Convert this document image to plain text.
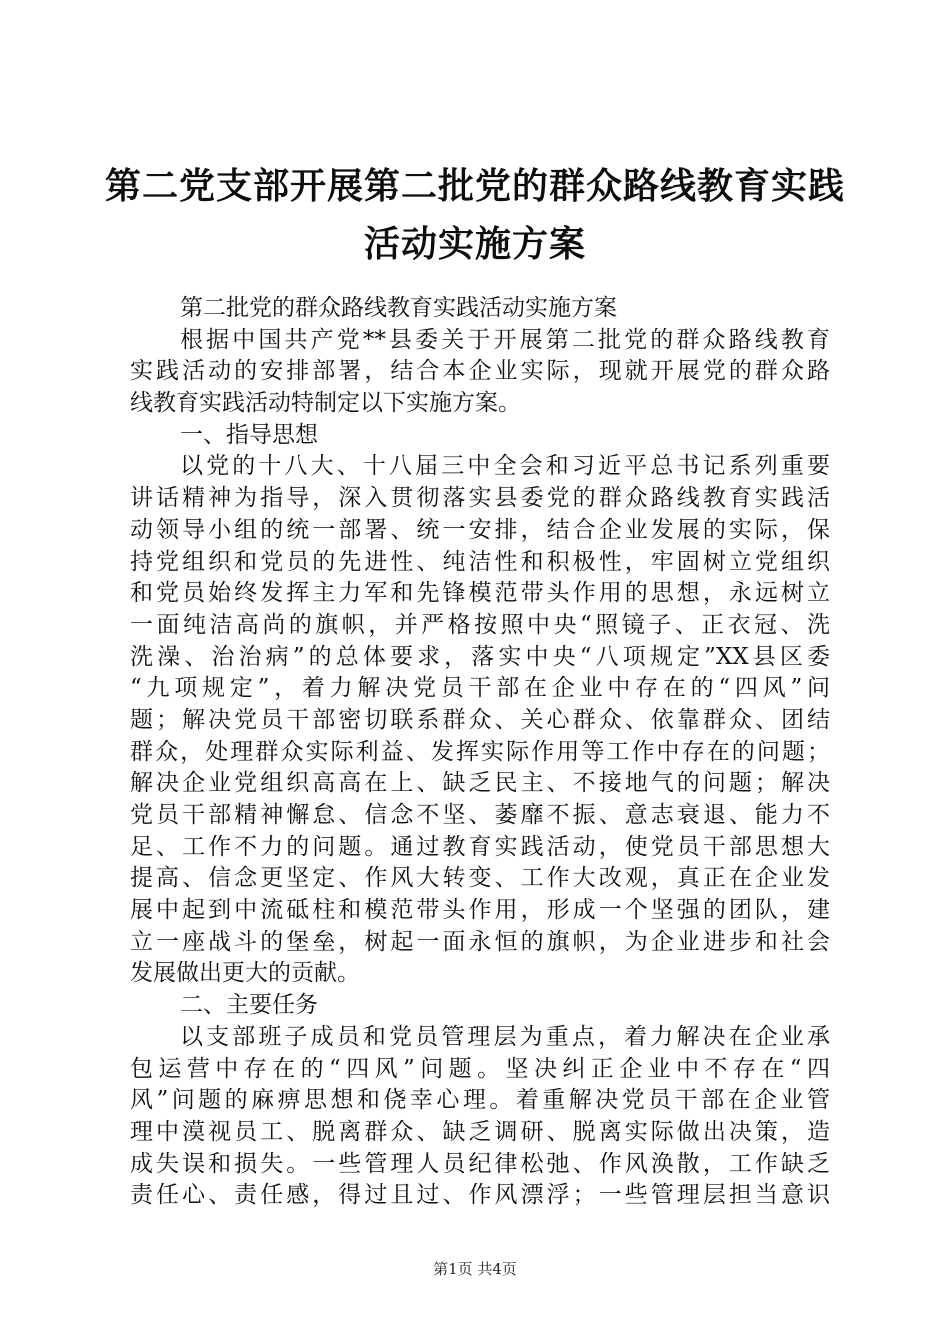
第二党支部开展第二批党的群众路线教育实践
活动实施方案
第二批党的群众路线教育实践活动实施方案
根据中国共产党**县委关于开展第二批党的群众路线教育
实践活动的安排部署，结合本企业实际，现就开展党的群众路
线教育实践活动特制定以下实施方案。
一、指导思想
以党的十八大、十八届三中全会和习近平总书记系列重要
讲话精神为指导，深入贯彻落实县委党的群众路线教育实践活
动领导小组的统一部署、统一安排，结合企业发展的实际，保
持党组织和党员的先进性、纯洁性和积极性，牢固树立党组织
和党员始终发挥主力军和先锋模范带头作用的思想，永远树立
一面纯洁高尚的旗帜，并严格按照中央“照镜子、正衣冠、洗
洗澡、治治病”的总体要求，落实中央“八项规定”XX县区委
“九项规定”，着力解决党员干部在企业中存在的“四风”问
题；解决党员干部密切联系群众、关心群众、依靠群众、团结
群众，处理群众实际利益、发挥实际作用等工作中存在的问题；
解决企业党组织高高在上、缺乏民主、不接地气的问题；解决
党员干部精神懈怠、信念不坚、萎靡不振、意志衰退、能力不
足、工作不力的问题。通过教育实践活动，使党员干部思想大
提高、信念更坚定、作风大转变、工作大改观，真正在企业发
展中起到中流砥柱和模范带头作用，形成一个坚强的团队，建
立一座战斗的堡垒，树起一面永恒的旗帜，为企业进步和社会
发展做出更大的贡献。
二、主要任务
以支部班子成员和党员管理层为重点，着力解决在企业承
包运营中存在的“四风”问题。坚决纠正企业中不存在“四
风”问题的麻痹思想和侥幸心理。着重解决党员干部在企业管
理中漠视员工、脱离群众、缺乏调研、脱离实际做出决策，造
成失误和损失。一些管理人员纪律松弛、作风涣散，工作缺乏
责任心、责任感，得过且过、作风漂浮；一些管理层担当意识
第1页 共4页
